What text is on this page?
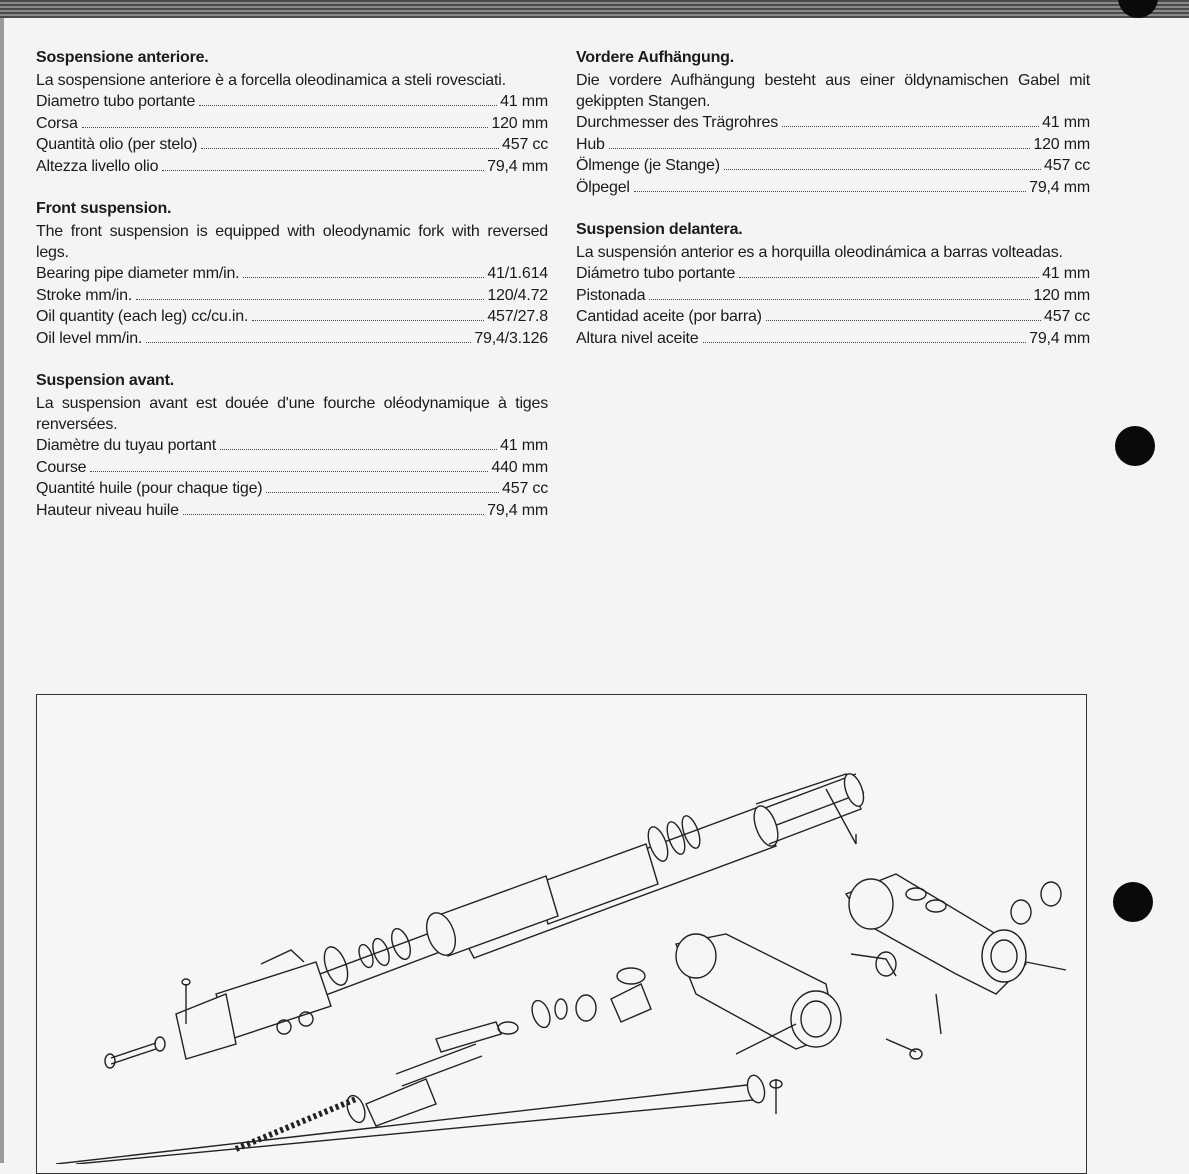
Sospensione anteriore.
La sospensione anteriore è a forcella oleodinamica a steli rovesciati.
Diametro tubo portante	41 mm
Corsa	120 mm
Quantità olio (per stelo)	457 cc
Altezza livello olio	79,4 mm
Front suspension.
The front suspension is equipped with oleodynamic fork with reversed legs.
Bearing pipe diameter mm/in.	41/1.614
Stroke mm/in.	120/4.72
Oil quantity (each leg) cc/cu.in.	457/27.8
Oil level mm/in.	79,4/3.126
Suspension avant.
La suspension avant est douée d'une fourche oléodynamique à tiges renversées.
Diamètre du tuyau portant	41 mm
Course	440 mm
Quantité huile (pour chaque tige)	457 cc
Hauteur niveau huile	79,4 mm
Vordere Aufhängung.
Die vordere Aufhängung besteht aus einer öldynamischen Gabel mit gekippten Stangen.
Durchmesser des Trägrohres	41 mm
Hub	120 mm
Ölmenge (je Stange)	457 cc
Ölpegel	79,4 mm
Suspension delantera.
La suspensión anterior es a horquilla oleodinámica a barras volteadas.
Diámetro tubo portante	41 mm
Pistonada	120 mm
Cantidad aceite (por barra)	457 cc
Altura nivel aceite	79,4 mm
